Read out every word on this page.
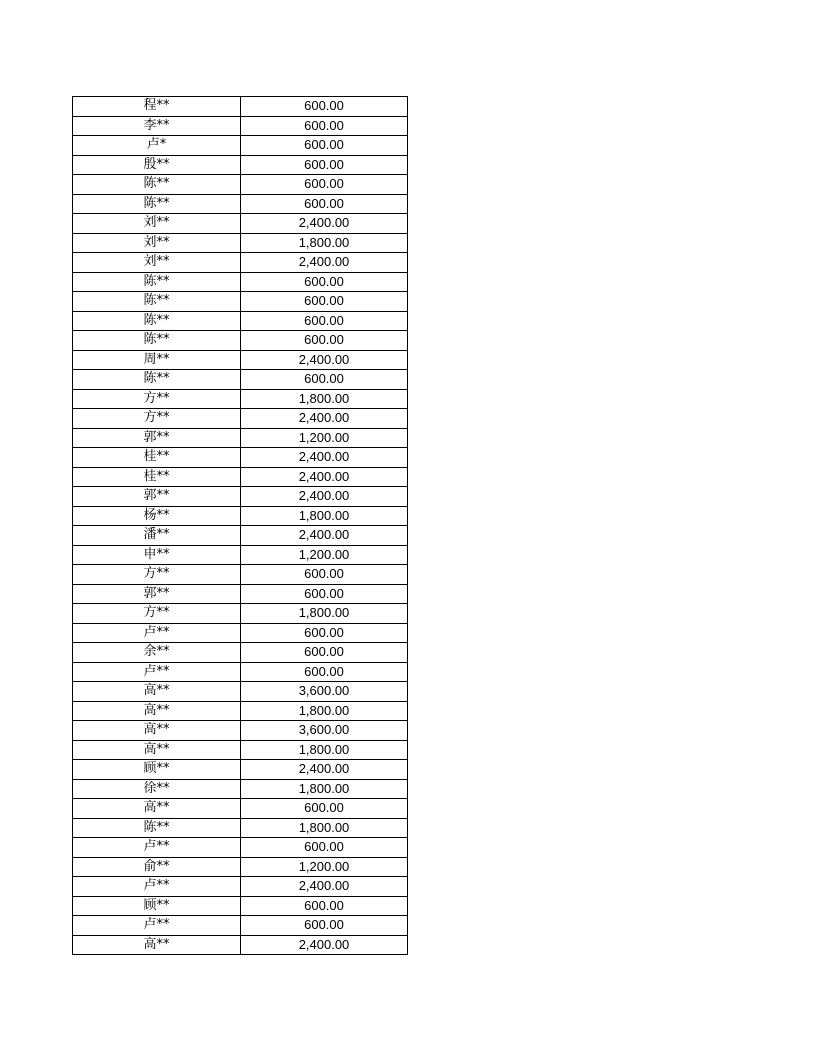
程**	600.00
李**	600.00
卢*	600.00
殷**	600.00
陈**	600.00
陈**	600.00
刘**	2,400.00
刘**	1,800.00
刘**	2,400.00
陈**	600.00
陈**	600.00
陈**	600.00
陈**	600.00
周**	2,400.00
陈**	600.00
方**	1,800.00
方**	2,400.00
郭**	1,200.00
桂**	2,400.00
桂**	2,400.00
郭**	2,400.00
杨**	1,800.00
潘**	2,400.00
申**	1,200.00
方**	600.00
郭**	600.00
方**	1,800.00
卢**	600.00
余**	600.00
卢**	600.00
高**	3,600.00
高**	1,800.00
高**	3,600.00
高**	1,800.00
顾**	2,400.00
徐**	1,800.00
高**	600.00
陈**	1,800.00
卢**	600.00
俞**	1,200.00
卢**	2,400.00
顾**	600.00
卢**	600.00
高**	2,400.00
